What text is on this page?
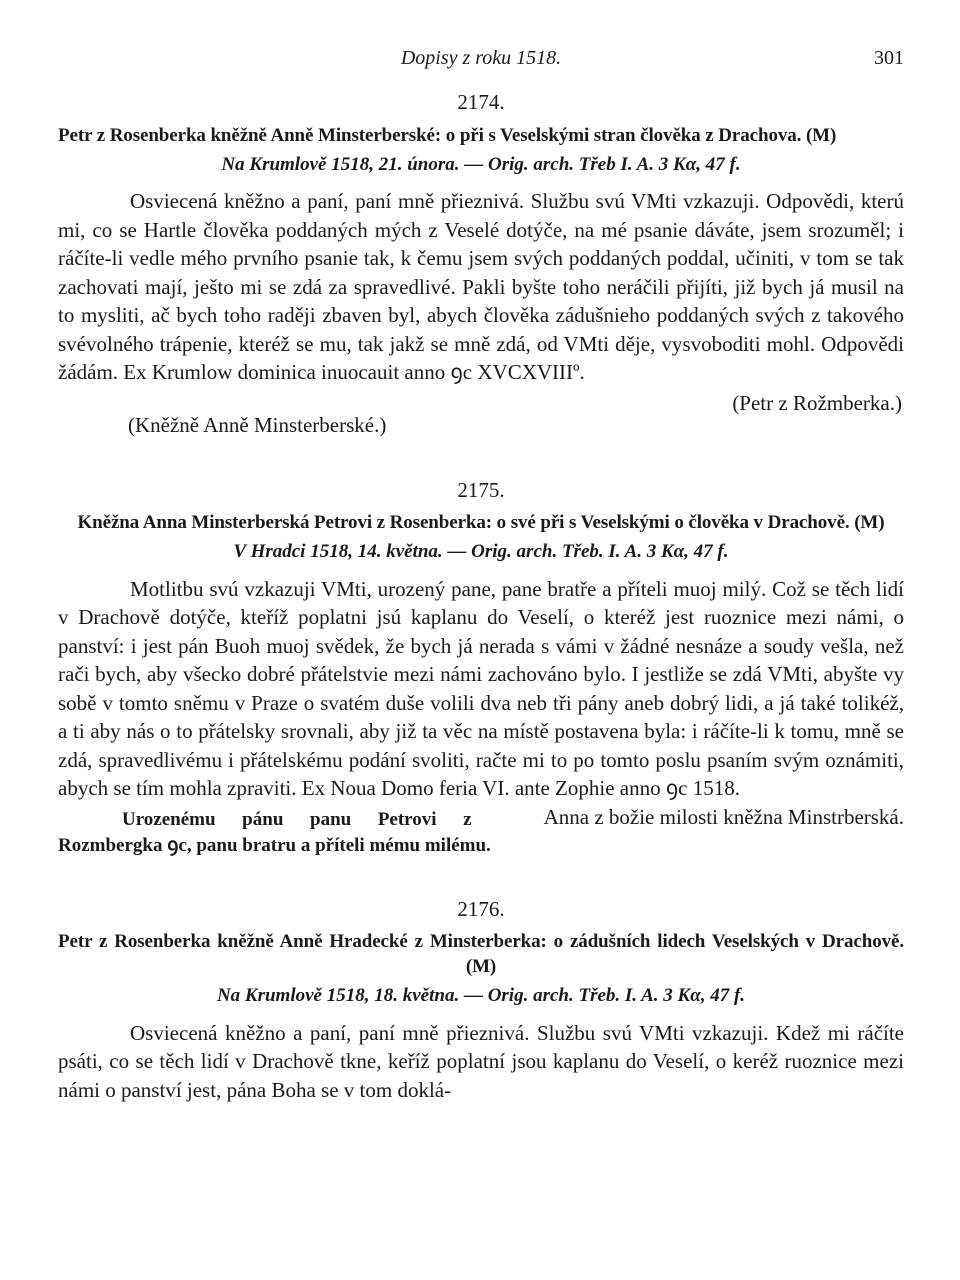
Dopisy z roku 1518.	301
2174.
Petr z Rosenberka kněžně Anně Minsterberské: o při s Veselskými stran člověka z Drachova. (M)
Na Krumlově 1518, 21. února. — Orig. arch. Třeb I. A. 3 Kα, 47 f.

Osviecená kněžno a paní, paní mně přieznivá. Službu svú VMti vzkazuji. Odpovědi, kterú mi, co se Hartle člověka poddaných mých z Veselé dotýče, na mé psanie dáváte, jsem srozuměl; i ráčíte-li vedle mého prvního psanie tak, k čemu jsem svých poddaných poddal, učiniti, v tom se tak zachovati mají, ješto mi se zdá za spravedlivé. Pakli byšte toho neráčili přijíti, již bych já musil na to mysliti, ač bych toho raději zbaven byl, abych člověka zádušnieho poddaných svých z takového svévolného trápenie, kteréž se mu, tak jakž se mně zdá, od VMti děje, vysvoboditi mohl. Odpovědi žádám. Ex Krumlow dominica inuocauit anno ꝯc XVCXVIIIº.

(Petr z Rožmberka.)
(Kněžně Anně Minsterberské.)
2175.
Kněžna Anna Minsterberská Petrovi z Rosenberka: o své při s Veselskými o člověka v Drachově. (M)
V Hradci 1518, 14. května. — Orig. arch. Třeb. I. A. 3 Kα, 47 f.

Motlitbu svú vzkazuji VMti, urozený pane, pane bratře a příteli muoj milý. Což se těch lidí v Drachově dotýče, kteříž poplatni jsú kaplanu do Veselí, o kteréž jest ruoznice mezi námi, o panství: i jest pán Buoh muoj svědek, že bych já nerada s vámi v žádné nesnáze a soudy vešla, než rači bych, aby všecko dobré přátelstvie mezi námi zachováno bylo. I jestliže se zdá VMti, abyšte vy sobě v tomto sněmu v Praze o svatém duše volili dva neb tři pány aneb dobrý lidi, a já také tolikéž, a ti aby nás o to přátelsky srovnali, aby již ta věc na místě postavena byla: i ráčíte-li k tomu, mně se zdá, spravedlivému i přátelskému podání svoliti, račte mi to po tomto poslu psaním svým oznámiti, abych se tím mohla zpraviti. Ex Noua Domo feria VI. ante Zophie anno ꝯc 1518.
Anna z božie milosti kněžna Minstrberská.

Urozenému pánu panu Petrovi z Rozmbergka ꝯc, panu bratru a příteli mému milému.
2176.
Petr z Rosenberka kněžně Anně Hradecké z Minsterberka: o zádušních lidech Veselských v Drachově. (M)
Na Krumlově 1518, 18. května. — Orig. arch. Třeb. I. A. 3 Kα, 47 f.

Osviecená kněžno a paní, paní mně přieznivá. Službu svú VMti vzkazuji. Kdež mi ráčíte psáti, co se těch lidí v Drachově tkne, keříž poplatní jsou kaplanu do Veselí, o keréž ruoznice mezi námi o panství jest, pána Boha se v tom doklá-
